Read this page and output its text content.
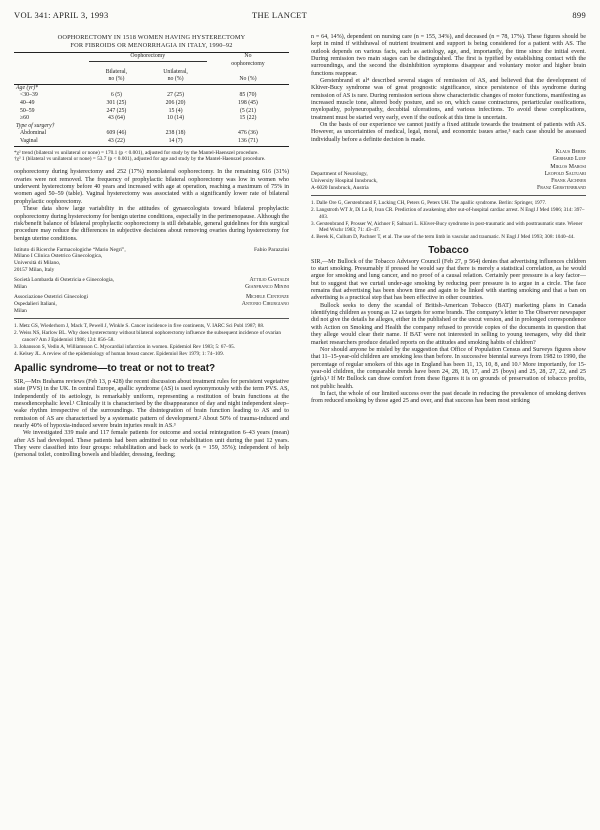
VOL 341: APRIL 3, 1993	THE LANCET	899
OOPHORECTOMY IN 1518 WOMEN HAVING HYSTERECTOMY
FOR FIBROIDS OR MENORRHAGIA IN ITALY, 1990–92
	Oophorectomy		No
			oophorectomy
	Bilateral,	Unilateral,	
	no (%)	no (%)	No (%)
Age (yr)*			
<30–39	6 (5)	27 (25)	85 (70)
40–49	301 (25)	206 (20)	198 (45)
50–59	247 (25)	15 (4)	(5 (21)
≥60	43 (64)	10 (14)	15 (22)
Type of surgery†			
Abdominal	609 (46)	238 (18)	476 (36)
Vaginal	43 (22)	14 (7)	136 (71)
*χ² trend (bilateral vs unilateral or none) = 170.1 (p < 0.001), adjusted for study by the Mantel-Haenszel procedure.
†χ² 1 (bilateral vs unilateral or none) = 53.7 (p < 0.001), adjusted for age and study by the Mantel-Haenszel procedure.

oophorectomy during hysterectomy and 252 (17%) monolateral oophorectomy. In the remaining 616 (31%) ovaries were not removed. The frequency of prophylactic bilateral oophorectomy was low in women who underwent hysterectomy before 40 years and increased with age at operation, reaching a maximum of 75% in women aged 50–59 (table). Vaginal hysterectomy was associated with a significantly lower rate of bilateral prophylactic oophorectomy.

These data show large variability in the attitudes of gynaecologists toward bilateral prophylactic oophorectomy during hysterectomy for benign uterine conditions, especially in the perimenopause. Although the risk/benefit balance of bilateral prophylactic oophorectomy is still debatable, general guidelines for this surgical procedure may reduce the differences in subjective decisions about removing ovaries during hysterectomy for benign uterine conditions.

Istituto di Ricerche Farmacologiche “Mario Negri”,
Milano I Clinica Ostetrico Ginecologica,
Università di Milano,
20157 Milan, Italy
Fabio Parazzini
Società Lombarda di Ostetricia e Ginecologia,
Milan
Attilio Gastaldi
Gianfranco Minini
Associazione Ostetrici Ginecologi
Ospedalieri Italiani,
Milan
Michele Centonze
Antonio Cirurgiano
1. Metz GS, Wiederhorn J, Mack T, Pewell J, Winkle S. Cancer incidence in five continents, V. IARC Sci Publ 1987; 88.
2. Weiss NS, Harlow BL. Why does hysterectomy without bilateral oophorectomy influence the subsequent incidence of ovarian cancer? Am J Epidemiol 1986; 124: 856–58.
3. Johansson S, Vedin A, Williamsson C. Myocardial infarction in women. Epidemiol Rev 1983; 5: 67–95.
4. Kelsey JL. A review of the epidemiology of human breast cancer. Epidemiol Rev 1979; 1: 74–109.
Apallic syndrome—to treat or not to treat?

SIR,—Mrs Brahams reviews (Feb 13, p 428) the recent discussion about treatment rules for persistent vegetative state (PVS) in the UK. In central Europe, apallic syndrome (AS) is used synonymously with the term PVS. AS, independently of its aetiology, is remarkably uniform, representing a restitution of brain functions at the mesodiencephalic level.¹ Clinically it is characterised by the disappearance of day and night independent sleep–wake rhythm irrespective of the surroundings. The disintegration of brain function leading to AS and to remission of AS are characterised by a systematic pattern of development.² About 50% of trauma-induced and nearly 40% of hypoxia-induced severe brain injuries result in AS.³

We investigated 339 male and 117 female patients for outcome and social reintegration 6–43 years (mean) after AS had developed. These patients had been admitted to our rehabilitation unit during the past 12 years. They were classified into four groups: rehabilitation and back to work (n = 159, 35%); independent of help (personal toilet, controlling bowels and bladder, dressing, feeding;

n = 64, 14%), dependent on nursing care (n = 155, 34%), and deceased (n = 78, 17%). These figures should be kept in mind if withdrawal of nutrient treatment and support is being considered for a patient with AS. The outlook depends on various facts, such as aetiology, age, and, importantly, the time since the initial event. During remission two main stages can be distinguished. The first is typified by establishing contact with the surroundings, and the second the disinhibition symptoms disappear and voluntary motor and higher brain functions reappear.

Gerstenbrand et al⁴ described several stages of remission of AS, and believed that the development of Klüver-Bucy syndrome was of great prognostic significance, since persistence of this syndrome during remission of AS is rare. During remission serious show characteristic changes of motor functions, manifesting as increased muscle tone, altered body posture, and so on, which cause contractures, periarticular ossifications, myelopathy, polyneuropathy, decubital ulcerations, and various infections. To avoid these complications, treatment must be started very early, even if the outlook at this time is uncertain.

On the basis of our experience we cannot justify a fixed attitude towards the treatment of patients with AS. However, as uncertainties of medical, legal, moral, and economic issues arise,³ each case should be assessed individually before a definite decision is made.

Klaus Berek
Gerhard Luef
Miklos Marosi
Leopold Saltuari
Frank Aichner
Franz Gerstenbrand
Department of Neurology,
University Hospital Innsbruck,
A-6020 Innsbruck, Austria
1. Dalle Ore G, Gerstenbrand F, Lucking CH, Peters G, Peters UH. The apallic syndrome. Berlin: Springer, 1977.
2. Langstroth WT Jr, Di Lo B, Ivan CR. Prediction of awakening after out-of-hospital cardiac arrest. N Engl J Med 1986; 314: 397–403.
3. Gerstenbrand F, Prosser W, Aichner F, Saltuari L. Klüver-Bucy syndrome in post-traumatic and with posttraumatic state. Wiener Med Wschr 1983; 71: 43–47.
4. Berek K, Cullum D, Pachner T, et al. The use of the term limb in vascular and traumatic. N Engl J Med 1993; 308: 1040–44.
Tobacco

SIR,—Mr Bullock of the Tobacco Advisory Council (Feb 27, p 564) denies that advertising influences children to start smoking. Presumably if pressed he would say that there is merely a statistical correlation, as he would argue for smoking and lung cancer, and no proof of a causal relation. Certainly peer pressure is a key factor—but to suggest that we curtail under-age smoking by reducing peer pressure is to argue in a circle. The face remains that advertising has been shown time and again to be linked with starting smoking and that a ban on advertising is a practical step that has been effective in other countries.

Bullock seeks to deny the scandal of British-American Tobacco (BAT) marketing plans in Canada identifying children as young as 12 as targets for some brands. The company’s letter to The Observer newspaper did not give the details he alleges, either in the published or the uncut version, and in prolonged correspondence with Action on Smoking and Health the company refused to provide copies of the documents in question that they allege would clear their name. If BAT were not interested in selling to young teenagers, why did their market researchers produce detailed reports on the attitudes and smoking habits of children?

Nor should anyone be misled by the suggestion that Office of Population Census and Surveys figures show that 11–15-year-old children are smoking less than before. In successive biennial surveys from 1982 to 1990, the percentage of regular smokers of this age in England has been 11, 13, 10, 8, and 10.¹ More importantly, for 15-year-old children, the comparable trends have been 24, 28, 18, 17, and 25 (boys) and 25, 28, 27, 22, and 25 (girls).¹ If Mr Bullock can draw comfort from these figures it is on grounds of preservation of tobacco profits, not public health.

In fact, the whole of our limited success over the past decade in reducing the prevalence of smoking derives from reduced smoking by those aged 25 and over, and that success has been most striking
